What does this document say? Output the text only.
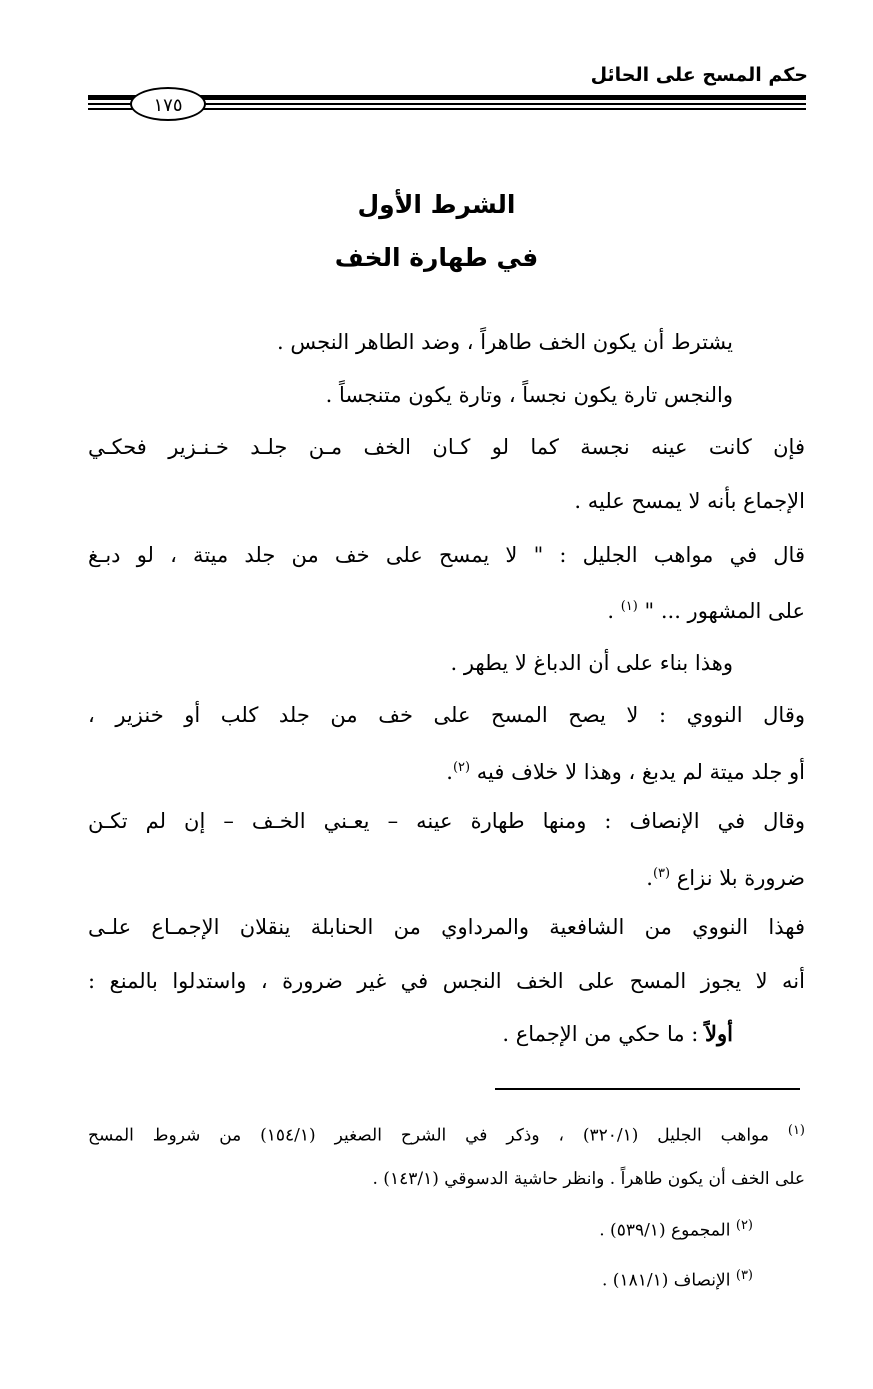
حكم المسح على الحائل
١٧٥
الشرط الأول
في طهارة الخف
يشترط أن يكون الخف طاهراً ، وضد الطاهر النجس .
والنجس تارة يكون نجساً ، وتارة يكون متنجساً .
فإن كانت عينه نجسة كما لو كـان الخف مـن جلـد خـنـزير فحكـي
الإجماع بأنه لا يمسح عليه .
قال في مواهب الجليل : " لا يمسح على خف من جلد ميتة ، لو دبـغ
على المشهور ... " $^{(١)}$ .
وهذا بناء على أن الدباغ لا يطهر .
وقال النووي : لا يصح المسح على خف من جلد كلب أو خنزير ،
أو جلد ميتة لم يدبغ ، وهذا لا خلاف فيه $^{(٢)}$.
وقال في الإنصاف : ومنها طهارة عينه – يعـني الخـف – إن لم تكـن
ضرورة بلا نزاع $^{(٣)}$.
فهذا النووي من الشافعية والمرداوي من الحنابلة ينقلان الإجمـاع علـى
أنه لا يجوز المسح على الخف النجس في غير ضرورة ، واستدلوا بالمنع :
أولاً : ما حكي من الإجماع .
$^{(١)}$ مواهب الجليل (٣٢٠/١) ، وذكر في الشرح الصغير (١٥٤/١) من شروط المسح
على الخف أن يكون طاهراً . وانظر حاشية الدسوقي (١٤٣/١) .
$^{(٢)}$ المجموع (٥٣٩/١) .
$^{(٣)}$ الإنصاف (١٨١/١) .
